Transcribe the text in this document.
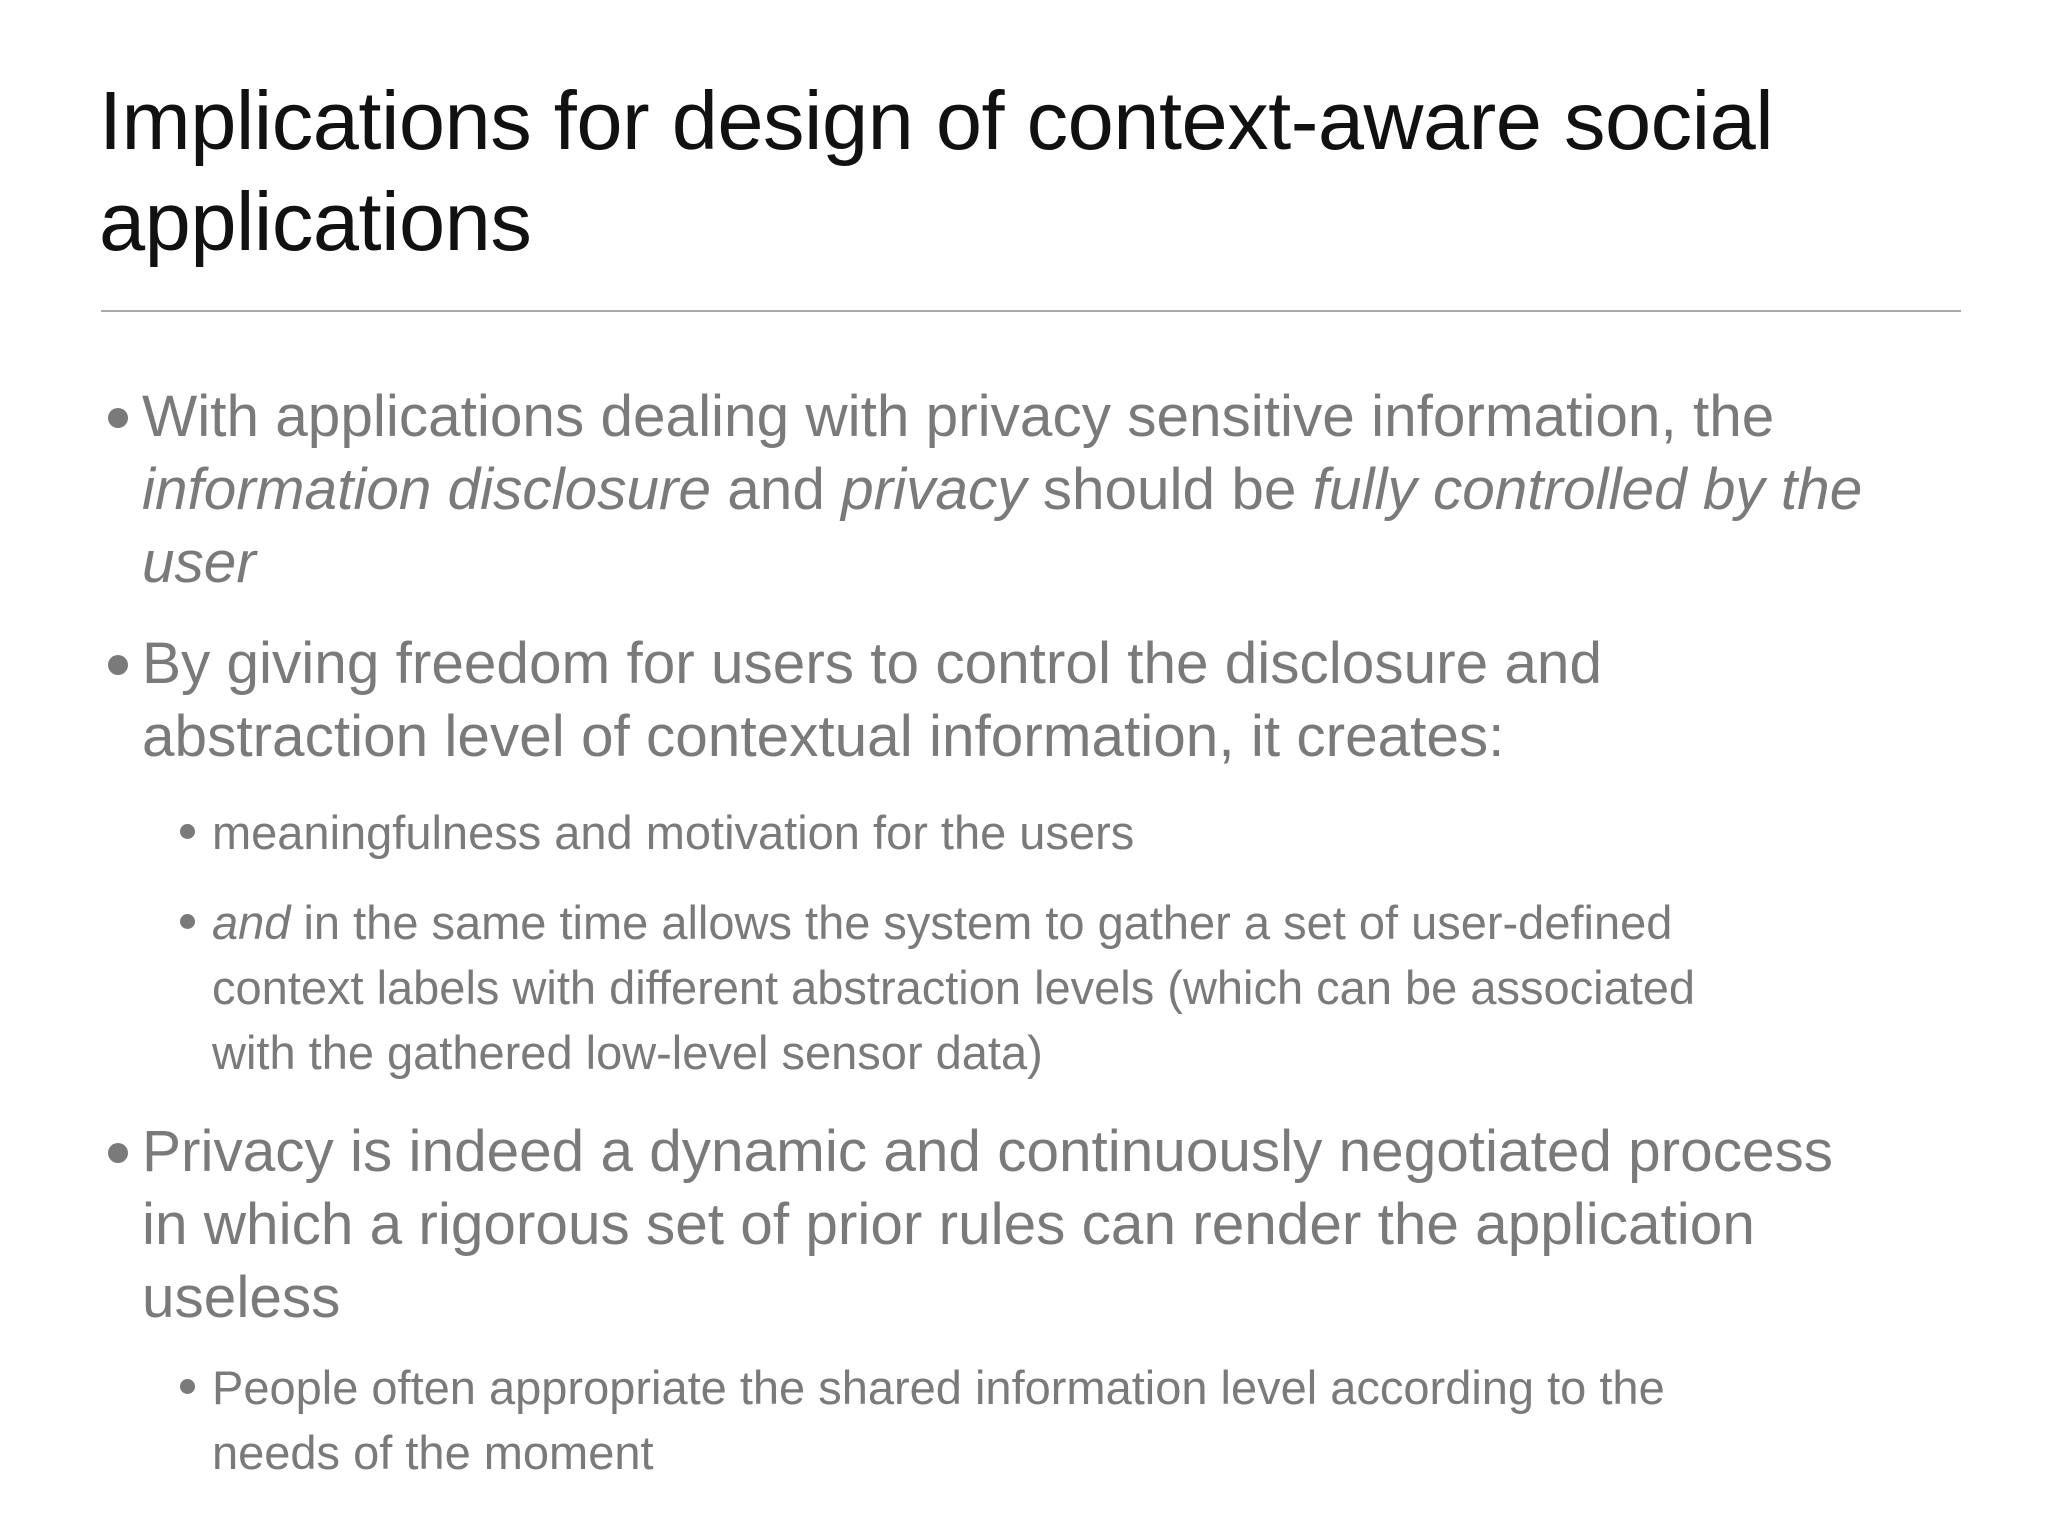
Implications for design of context-aware social
applications
With applications dealing with privacy sensitive information, the
information disclosure and privacy should be fully controlled by the
user
By giving freedom for users to control the disclosure and
abstraction level of contextual information, it creates:
meaningfulness and motivation for the users
and in the same time allows the system to gather a set of user-defined
context labels with different abstraction levels (which can be associated
with the gathered low-level sensor data)
Privacy is indeed a dynamic and continuously negotiated process
in which a rigorous set of prior rules can render the application
useless
People often appropriate the shared information level according to the
needs of the moment
